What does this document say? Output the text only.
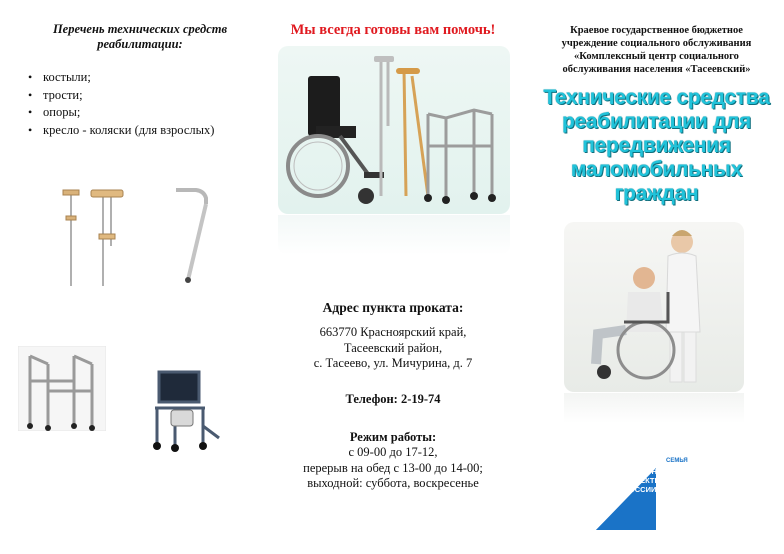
Перечень технических средств реабилитации:
• костыли;
• трости;
• опоры;
• кресло - коляски (для взрослых)
Мы всегда готовы вам помочь!
Адрес пункта проката:
663770 Красноярский край,
Тасеевский район,
с. Тасеево, ул. Мичурина, д. 7
Телефон: 2-19-74
Режим работы:
с 09-00 до 17-12,
перерыв на обед с 13-00 до 14-00;
выходной: суббота, воскресенье
Краевое государственное бюджетное
учреждение социального обслуживания
«Комплексный центр социального
обслуживания населения «Тасеевский»
Технические средства
реабилитации для
передвижения
маломобильных
граждан
СЕМЬЯ
НАЦИОНАЛЬНЫЕ
ПРОЕКТЫ
РОССИИ
